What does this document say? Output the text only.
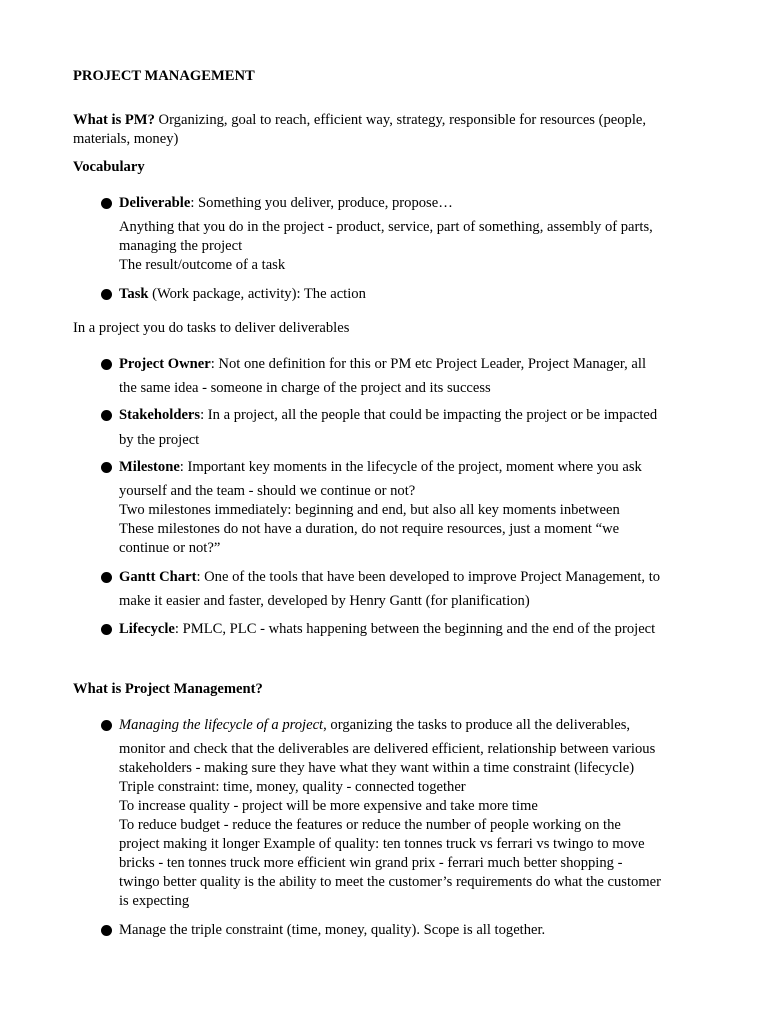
PROJECT MANAGEMENT
What is PM? Organizing, goal to reach, efficient way, strategy, responsible for resources (people,
materials, money)
Vocabulary
Deliverable: Something you deliver, produce, propose…
Anything that you do in the project - product, service, part of something, assembly of parts,
managing the project
The result/outcome of a task
Task (Work package, activity): The action
In a project you do tasks to deliver deliverables
Project Owner: Not one definition for this or PM etc Project Leader, Project Manager, all
the same idea - someone in charge of the project and its success
Stakeholders: In a project, all the people that could be impacting the project or be impacted
by the project
Milestone: Important key moments in the lifecycle of the project, moment where you ask
yourself and the team - should we continue or not?
Two milestones immediately: beginning and end, but also all key moments inbetween
These milestones do not have a duration, do not require resources, just a moment “we
continue or not?”
Gantt Chart: One of the tools that have been developed to improve Project Management, to
make it easier and faster, developed by Henry Gantt (for planification)
Lifecycle: PMLC, PLC - whats happening between the beginning and the end of the project
What is Project Management?
Managing the lifecycle of a project, organizing the tasks to produce all the deliverables,
monitor and check that the deliverables are delivered efficient, relationship between various
stakeholders - making sure they have what they want within a time constraint (lifecycle)
Triple constraint: time, money, quality - connected together
To increase quality - project will be more expensive and take more time
To reduce budget - reduce the features or reduce the number of people working on the
project making it longer Example of quality: ten tonnes truck vs ferrari vs twingo to move
bricks - ten tonnes truck more efficient win grand prix - ferrari much better shopping -
twingo better quality is the ability to meet the customer’s requirements do what the customer
is expecting
Manage the triple constraint (time, money, quality). Scope is all together.
